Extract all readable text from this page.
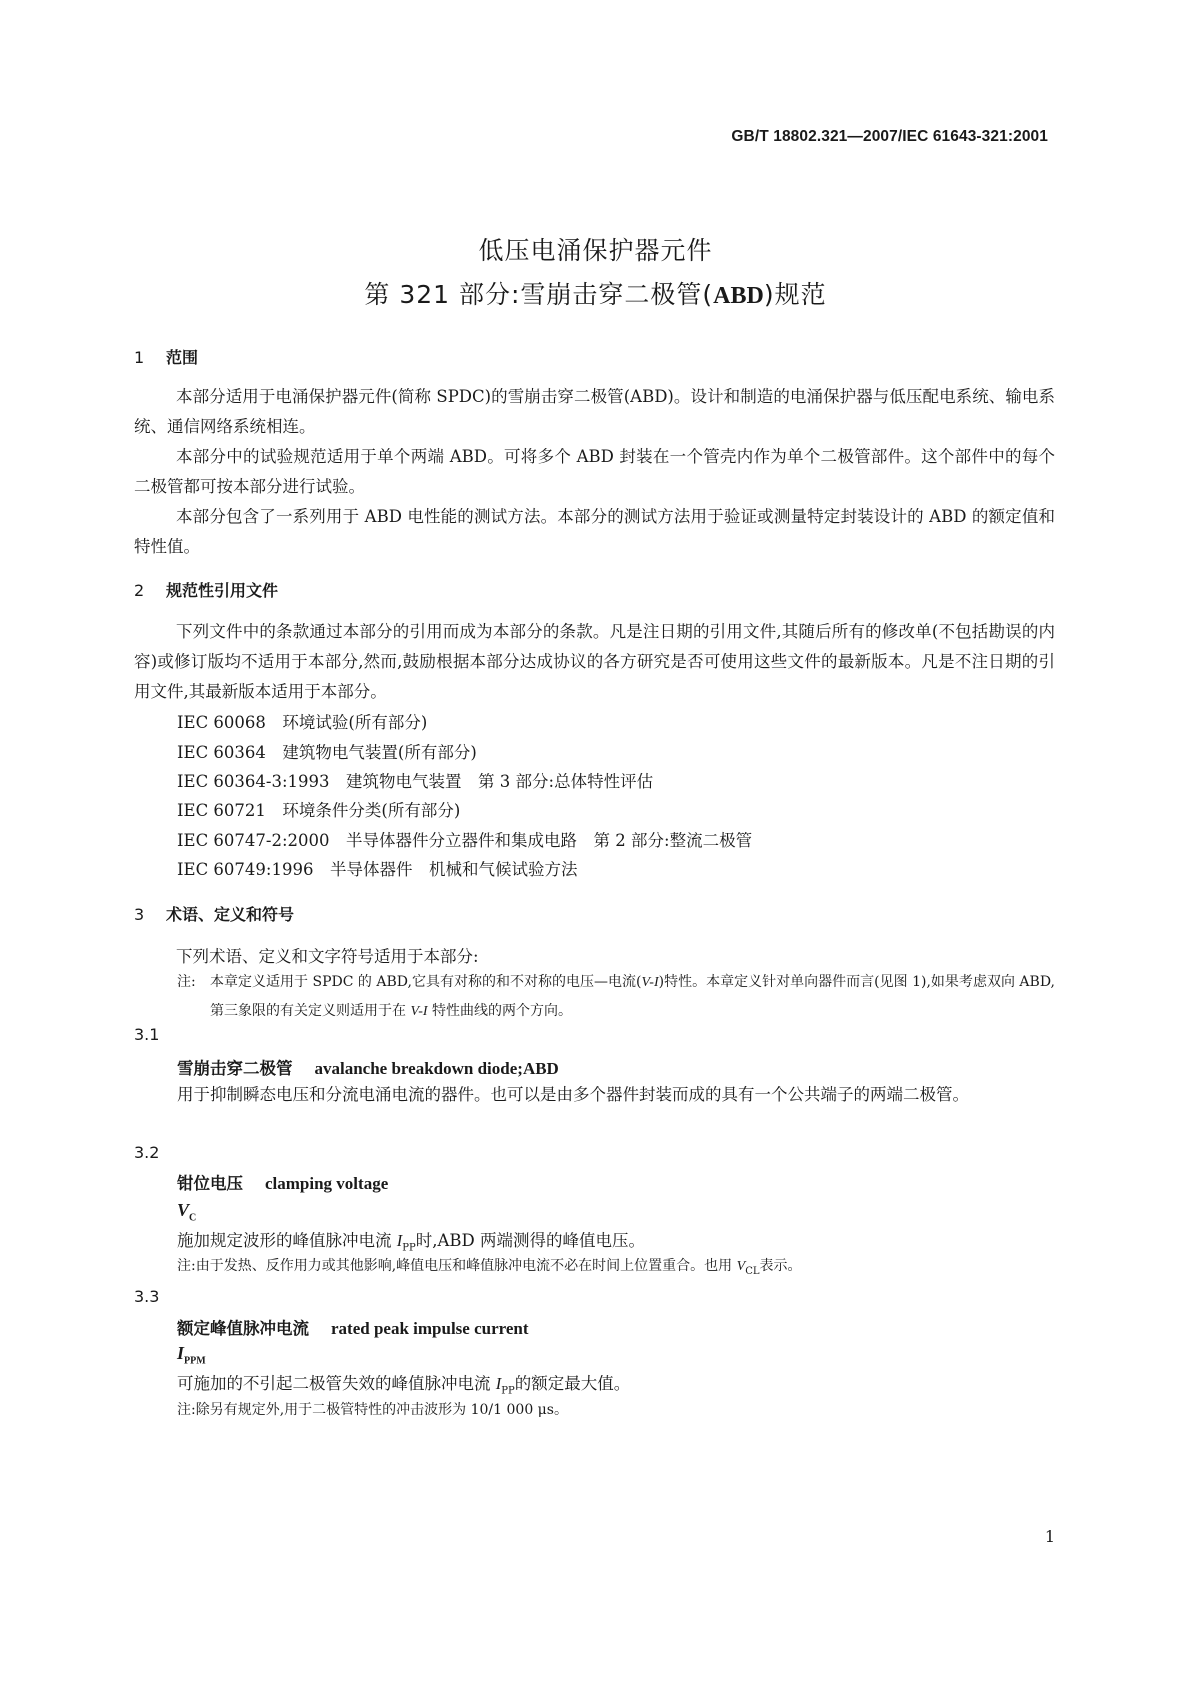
GB/T 18802.321—2007/IEC 61643-321:2001
低压电涌保护器元件
第 321 部分:雪崩击穿二极管(ABD)规范
1 范围

本部分适用于电涌保护器元件(简称 SPDC)的雪崩击穿二极管(ABD)。设计和制造的电涌保护器与低压配电系统、输电系统、通信网络系统相连。

本部分中的试验规范适用于单个两端 ABD。可将多个 ABD 封装在一个管壳内作为单个二极管部件。这个部件中的每个二极管都可按本部分进行试验。

本部分包含了一系列用于 ABD 电性能的测试方法。本部分的测试方法用于验证或测量特定封装设计的 ABD 的额定值和特性值。

2 规范性引用文件

下列文件中的条款通过本部分的引用而成为本部分的条款。凡是注日期的引用文件,其随后所有的修改单(不包括勘误的内容)或修订版均不适用于本部分,然而,鼓励根据本部分达成协议的各方研究是否可使用这些文件的最新版本。凡是不注日期的引用文件,其最新版本适用于本部分。

IEC 60068　 环境试验(所有部分)
IEC 60364　 建筑物电气装置(所有部分)
IEC 60364-3:1993　 建筑物电气装置　第 3 部分:总体特性评估
IEC 60721　 环境条件分类(所有部分)
IEC 60747-2:2000　 半导体器件分立器件和集成电路　第 2 部分:整流二极管
IEC 60749:1996　 半导体器件　机械和气候试验方法
3 术语、定义和符号
下列术语、定义和文字符号适用于本部分:
注:	本章定义适用于 SPDC 的 ABD,它具有对称的和不对称的电压—电流(V-I)特性。本章定义针对单向器件而言(见图 1),如果考虑双向 ABD,第三象限的有关定义则适用于在 V-I 特性曲线的两个方向。
3.1
雪崩击穿二极管 avalanche breakdown diode;ABD

用于抑制瞬态电压和分流电涌电流的器件。也可以是由多个器件封装而成的具有一个公共端子的两端二极管。

3.2
钳位电压 clamping voltage
$V_C$
施加规定波形的峰值脉冲电流 $I_{PP}$时,ABD 两端测得的峰值电压。
注:由于发热、反作用力或其他影响,峰值电压和峰值脉冲电流不必在时间上位置重合。也用 $V_{CL}$表示。
3.3
额定峰值脉冲电流 rated peak impulse current
$I_{PPM}$
可施加的不引起二极管失效的峰值脉冲电流 $I_{PP}$的额定最大值。
注:除另有规定外,用于二极管特性的冲击波形为 10/1 000 μs。
1
